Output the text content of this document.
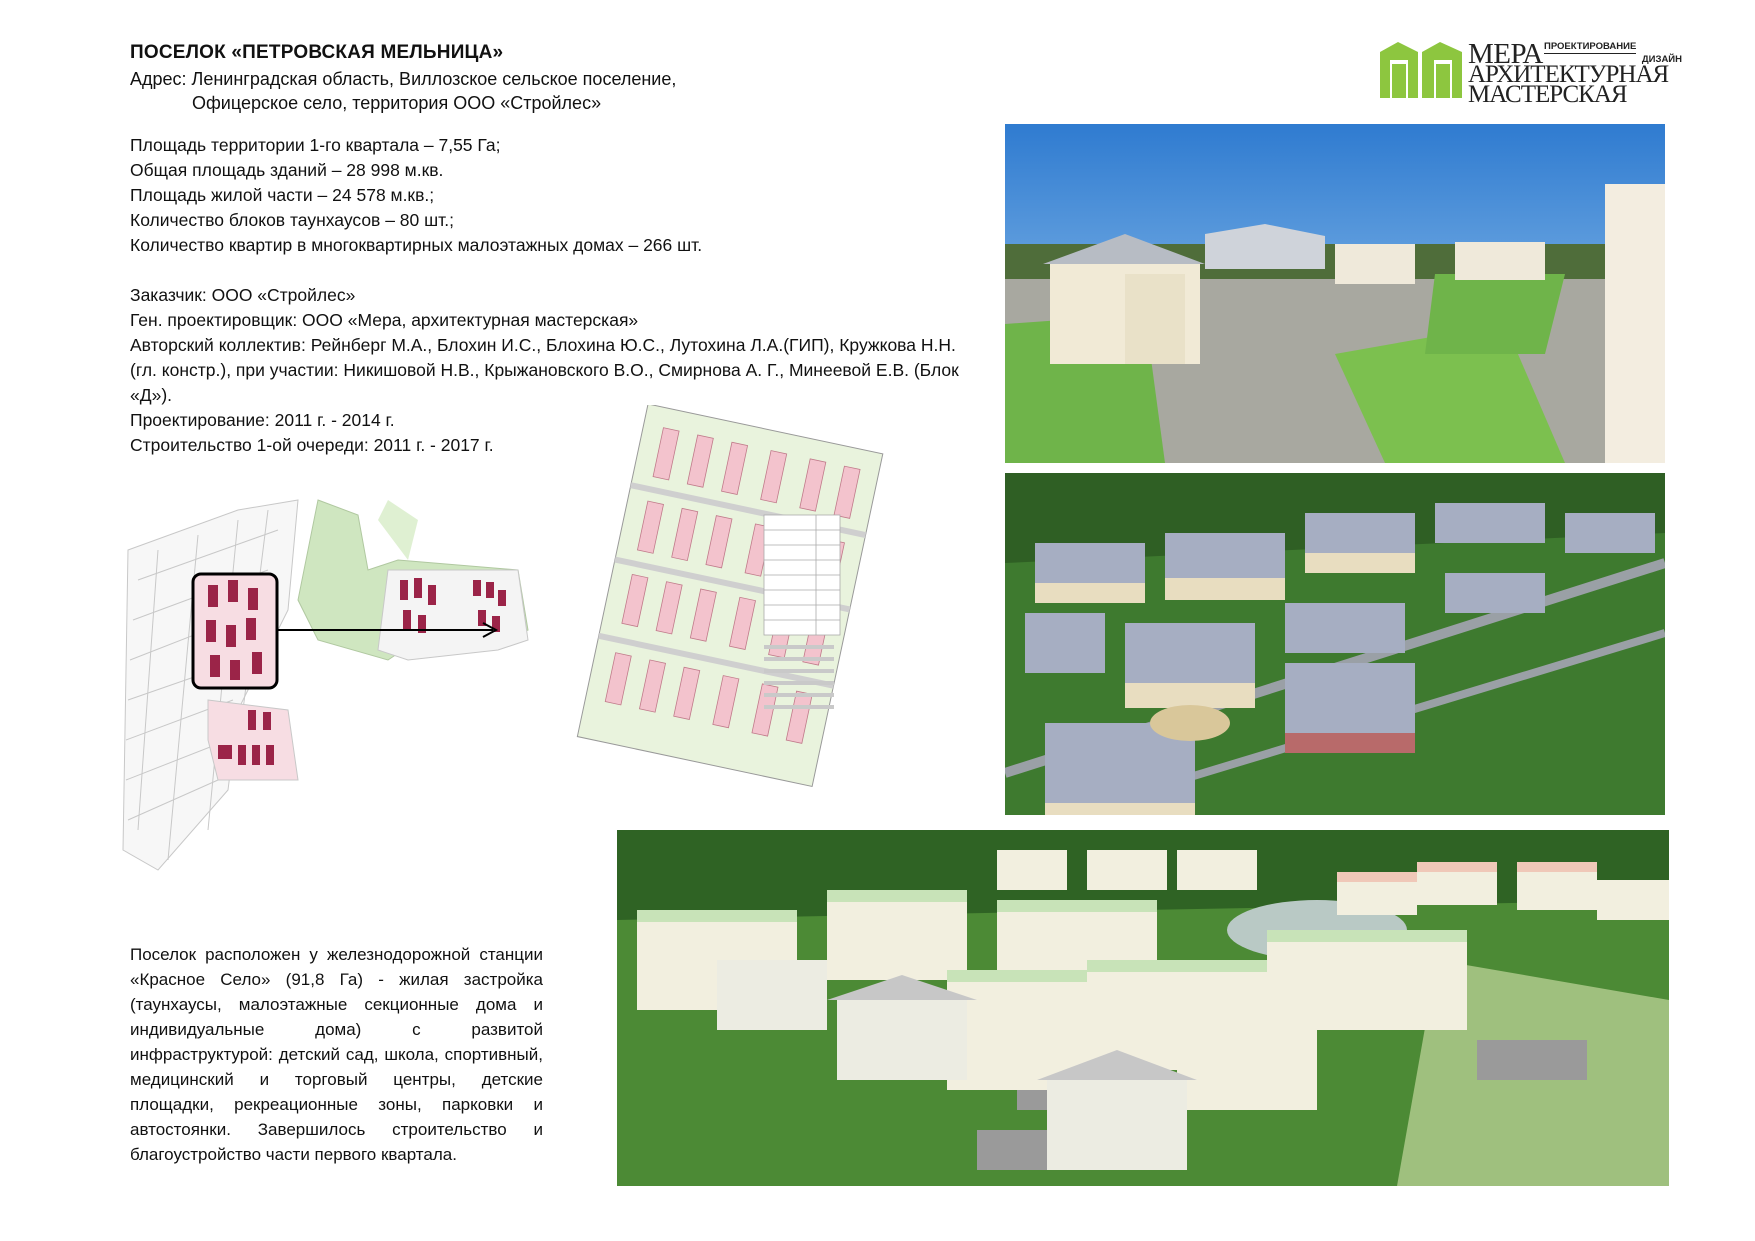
ПОСЕЛОК «ПЕТРОВСКАЯ МЕЛЬНИЦА»
Адрес: Ленинградская область, Виллозское сельское поселение,
Офицерское село, территория ООО «Стройлес»
МЕРА ПРОЕКТИРОВАНИЕ
ДИЗАЙН
АРХИТЕКТУРНАЯ
МАСТЕРСКАЯ
Площадь территории 1-го квартала – 7,55 Га;
Общая площадь зданий – 28 998 м.кв.
Площадь жилой части – 24 578 м.кв.;
Количество блоков таунхаусов – 80 шт.;
Количество квартир в многоквартирных малоэтажных домах – 266 шт.
Заказчик: ООО «Стройлес»
Ген. проектировщик: ООО «Мера, архитектурная мастерская»
Авторский коллектив: Рейнберг М.А., Блохин И.С., Блохина Ю.С., Лутохина Л.А.(ГИП), Кружкова Н.Н. (гл. констр.), при участии: Никишовой Н.В., Крыжановского В.О., Смирнова А. Г., Минеевой Е.В. (Блок «Д»).
Проектирование: 2011 г. - 2014 г.
Строительство 1-ой очереди: 2011 г. - 2017 г.
Поселок расположен у железнодорожной станции «Красное Село» (91,8 Га) - жилая застройка (таунхаусы, малоэтажные секционные дома и индивидуальные дома) с развитой инфраструктурой: детский сад, школа, спортивный, медицинский и торговый центры, детские площадки, рекреационные зоны, парковки и автостоянки. Завершилось строительство и благоустройство части первого квартала.
